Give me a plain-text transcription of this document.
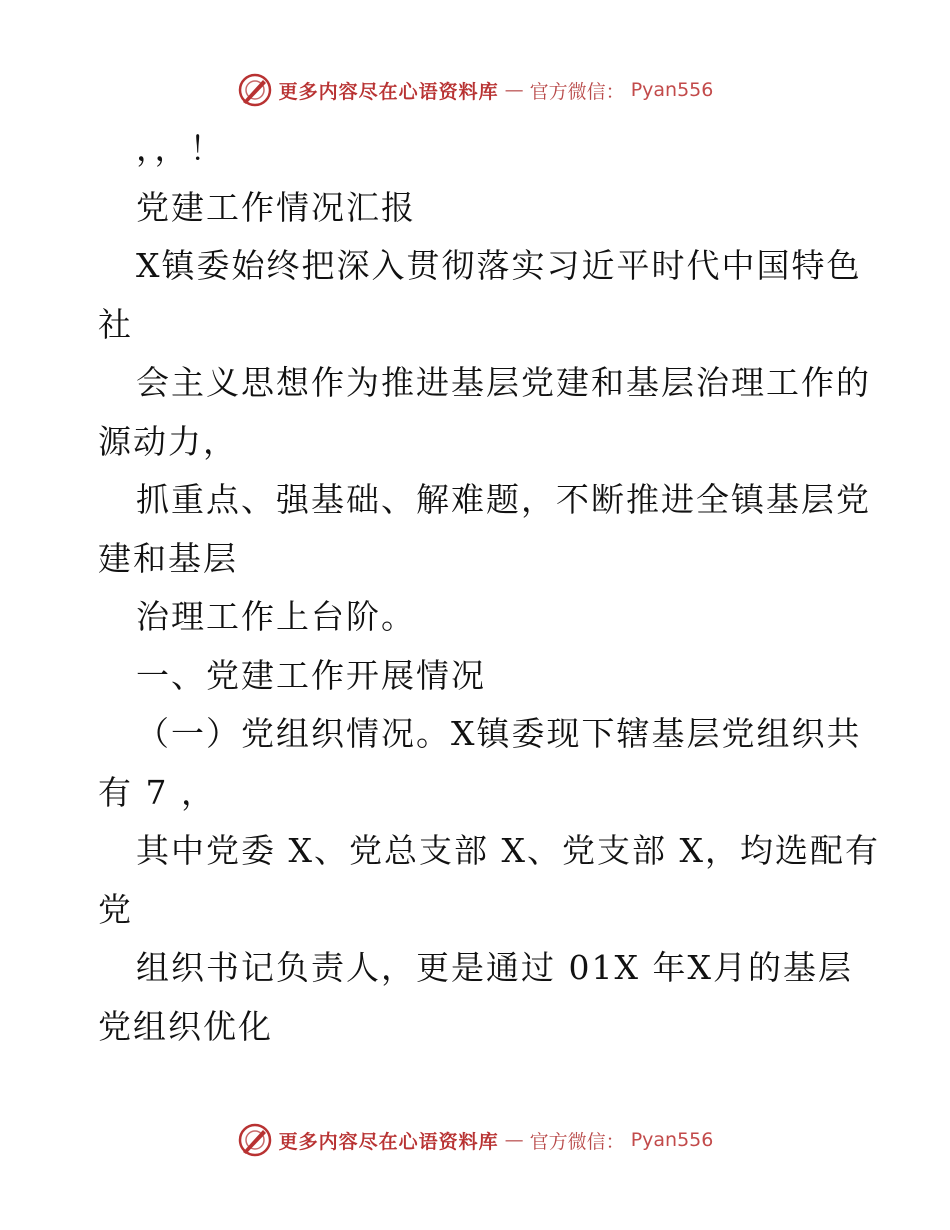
更多内容尽在心语资料库 — 官方微信： Pyan556
，，！
党建工作情况汇报
X镇委始终把深入贯彻落实习近平时代中国特色
社
会主义思想作为推进基层党建和基层治理工作的
源动力，
抓重点、强基础、解难题，不断推进全镇基层党
建和基层
治理工作上台阶。
一、党建工作开展情况
（一）党组织情况。X镇委现下辖基层党组织共
有 7 ，
其中党委 X、党总支部 X、党支部 X，均选配有
党
组织书记负责人，更是通过 01X 年X月的基层
党组织优化
更多内容尽在心语资料库 — 官方微信： Pyan556
